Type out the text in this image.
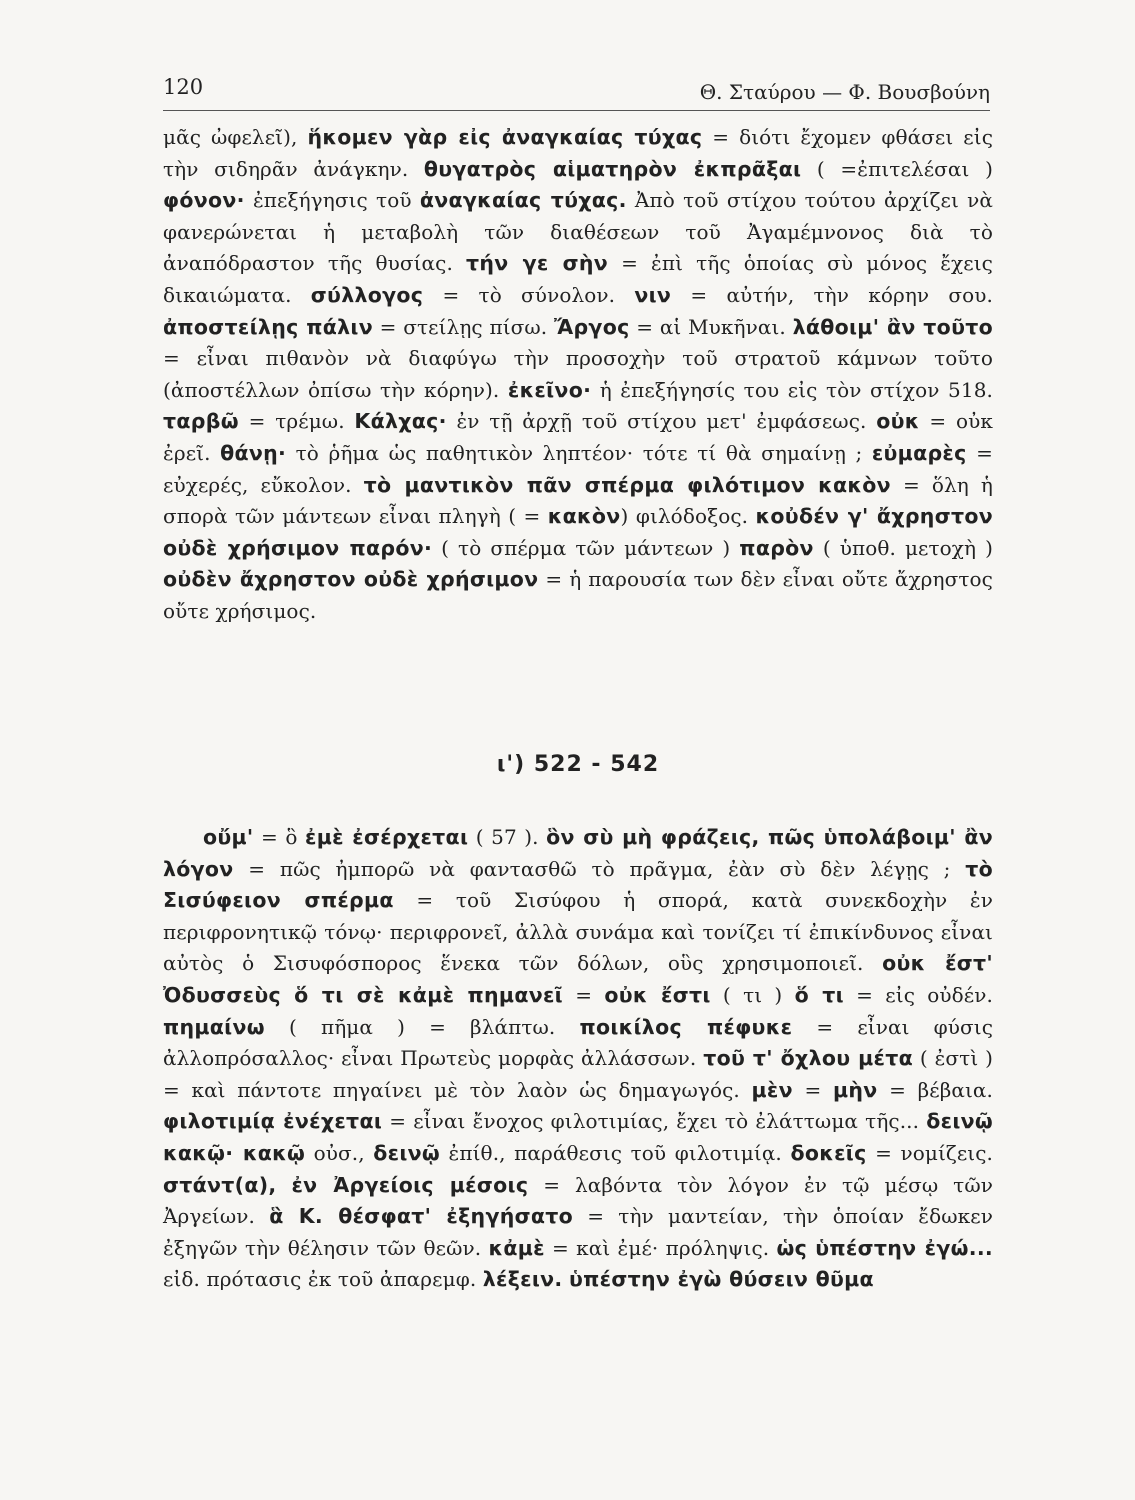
120	Θ. Σταύρου — Φ. Βουσβούνη

μᾶς ὠφελεῖ), ἥκομεν γὰρ εἰς ἀναγκαίας τύχας = διότι ἔχομεν φθάσει εἰς τὴν σιδηρᾶν ἀνάγκην. θυγατρὸς αἱματηρὸν ἐκπρᾶξαι ( =ἐπιτελέσαι ) φόνον· ἐπεξήγησις τοῦ ἀναγκαίας τύχας. Ἀπὸ τοῦ στίχου τούτου ἀρχίζει νὰ φανερώνεται ἡ μεταβολὴ τῶν διαθέσεων τοῦ Ἀγαμέμνονος διὰ τὸ ἀναπόδραστον τῆς θυσίας. τήν γε σὴν = ἐπὶ τῆς ὁποίας σὺ μόνος ἔχεις δικαιώματα. σύλλογος = τὸ σύνολον. νιν = αὐτήν, τὴν κόρην σου. ἀποστείλῃς πάλιν = στείλῃς πίσω. Ἄργος = αἱ Μυκῆναι. λάθοιμ' ἂν τοῦτο = εἶναι πιθανὸν νὰ διαφύγω τὴν προσοχὴν τοῦ στρατοῦ κάμνων τοῦτο (ἀποστέλλων ὀπίσω τὴν κόρην). ἐκεῖνο· ἡ ἐπεξήγησίς του εἰς τὸν στίχον 518. ταρβῶ = τρέμω. Κάλχας· ἐν τῇ ἀρχῇ τοῦ στίχου μετ' ἐμφάσεως. οὐκ = οὐκ ἐρεῖ. θάνῃ· τὸ ῥῆμα ὡς παθητικὸν ληπτέον· τότε τί θὰ σημαίνῃ ; εὐμαρὲς = εὐχερές, εὔκολον. τὸ μαντικὸν πᾶν σπέρμα φιλότιμον κακὸν = ὅλη ἡ σπορὰ τῶν μάντεων εἶναι πληγὴ ( = κακὸν) φιλόδοξος. κοὐδέν γ' ἄχρηστον οὐδὲ χρήσιμον παρόν· ( τὸ σπέρμα τῶν μάντεων ) παρὸν ( ὑποθ. μετοχὴ ) οὐδὲν ἄχρηστον οὐδὲ χρήσιμον = ἡ παρουσία των δὲν εἶναι οὔτε ἄχρηστος οὔτε χρήσιμος.

ι') 522 - 542

οὔμ' = ὃ ἐμὲ ἐσέρχεται ( 57 ). ὃν σὺ μὴ φράζεις, πῶς ὑπολάβοιμ' ἂν λόγον = πῶς ἠμπορῶ νὰ φαντασθῶ τὸ πρᾶγμα, ἐὰν σὺ δὲν λέγῃς ; τὸ Σισύφειον σπέρμα = τοῦ Σισύφου ἡ σπορά, κατὰ συνεκδοχὴν ἐν περιφρονητικῷ τόνῳ· περιφρονεῖ, ἀλλὰ συνάμα καὶ τονίζει τί ἐπικίνδυνος εἶναι αὐτὸς ὁ Σισυφόσπορος ἕνεκα τῶν δόλων, οὓς χρησιμοποιεῖ. οὐκ ἔστ' Ὀδυσσεὺς ὅ τι σὲ κἀμὲ πημανεῖ = οὐκ ἔστι ( τι ) ὅ τι = εἰς οὐδέν. πημαίνω ( πῆμα ) = βλάπτω. ποικίλος πέφυκε = εἶναι φύσις ἀλλοπρόσαλλος· εἶναι Πρωτεὺς μορφὰς ἀλλάσσων. τοῦ τ' ὄχλου μέτα ( ἐστὶ ) = καὶ πάντοτε πηγαίνει μὲ τὸν λαὸν ὡς δημαγωγός. μὲν = μὴν = βέβαια. φιλοτιμίᾳ ἐνέχεται = εἶναι ἔνοχος φιλοτιμίας, ἔχει τὸ ἐλάττωμα τῆς... δεινῷ κακῷ· κακῷ οὐσ., δεινῷ ἐπίθ., παράθεσις τοῦ φιλοτιμίᾳ. δοκεῖς = νομίζεις. στάντ(α), ἐν Ἀργείοις μέσοις = λαβόντα τὸν λόγον ἐν τῷ μέσῳ τῶν Ἀργείων. ἃ Κ. θέσφατ' ἐξηγήσατο = τὴν μαντείαν, τὴν ὁποίαν ἔδωκεν ἐξηγῶν τὴν θέλησιν τῶν θεῶν. κἀμὲ = καὶ ἐμέ· πρόληψις. ὡς ὑπέστην ἐγώ... εἰδ. πρότασις ἐκ τοῦ ἀπαρεμφ. λέξειν. ὑπέστην ἐγὼ θύσειν θῦμα
